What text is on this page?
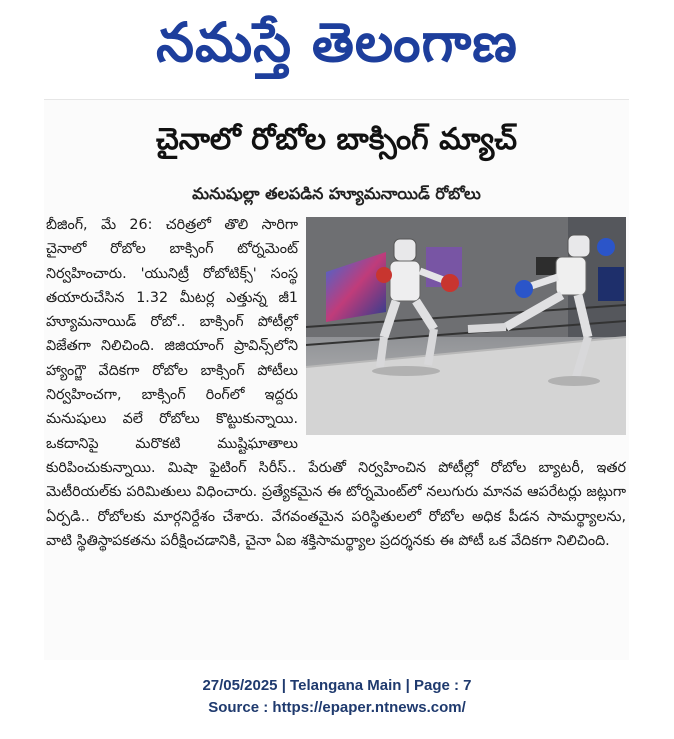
నమస్తే తెలంగాణ
చైనాలో రోబోల బాక్సింగ్ మ్యాచ్
మనుషుల్లా తలపడిన హ్యూమనాయిడ్ రోబోలు

బీజింగ్, మే 26: చరిత్రలో తొలి సారిగా చైనాలో రోబోల బాక్సింగ్ టోర్నమెంట్ నిర్వహించారు. 'యునిట్రీ రోబోటిక్స్' సంస్థ తయారుచేసిన 1.32 మీటర్ల ఎత్తున్న జీ1 హ్యూమనాయిడ్ రోబో.. బాక్సింగ్ పోటీల్లో విజేతగా నిలిచింది. జిజియాంగ్ ప్రావిన్స్‌లోని హ్యాంగ్జౌ వేదికగా రోబోల బాక్సింగ్ పోటీలు నిర్వహించగా, బాక్సింగ్ రింగ్‌లో ఇద్దరు మనుషులు వలే రోబోలు కొట్టుకున్నాయి. ఒకదానిపై మరొకటి ముష్టిఘాతాలు కురిపించుకున్నాయి. మిషా ఫైటింగ్ సిరీస్.. పేరుతో నిర్వహించిన పోటీల్లో రోబోల బ్యాటరీ, ఇతర మెటీరియల్‌కు పరిమితులు విధించారు. ప్రత్యేకమైన ఈ టోర్నమెంట్‌లో నలుగురు మానవ ఆపరేటర్లు జట్లుగా ఏర్పడి.. రోబోలకు మార్గనిర్దేశం చేశారు. వేగవంతమైన పరిస్థితులలో రోబోల అధిక పీడన సామర్థ్యాలను, వాటి స్థితిస్థాపకతను పరీక్షించడానికి, చైనా ఏఐ శక్తిసామర్థ్యాల ప్రదర్శనకు ఈ పోటీ ఒక వేదికగా నిలిచింది.

27/05/2025 | Telangana Main | Page : 7
Source : https://epaper.ntnews.com/
